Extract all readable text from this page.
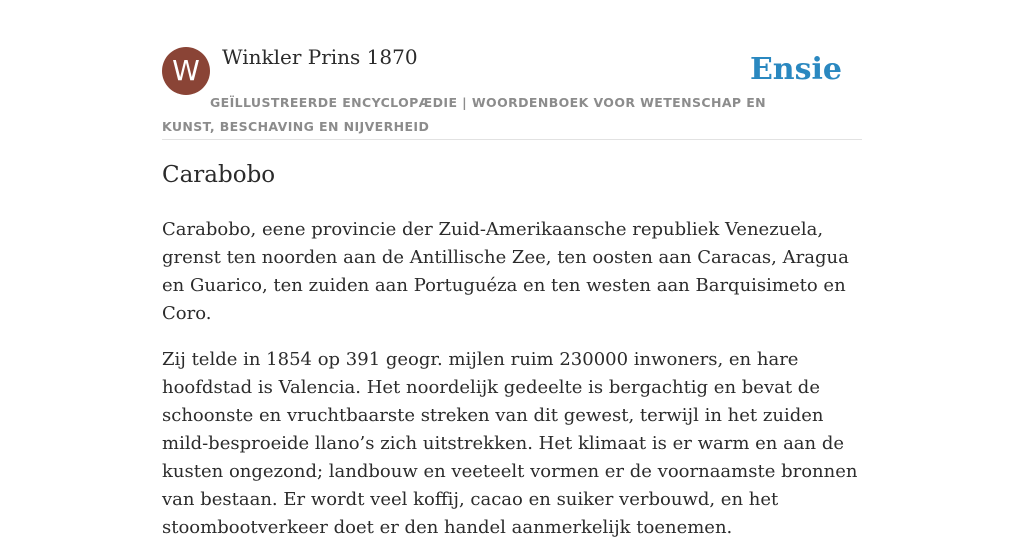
W	Winkler Prins 1870	Ensie
GEÏLLUSTREERDE ENCYCLOPÆDIE | WOORDENBOEK VOOR WETENSCHAP EN KUNST, BESCHAVING EN NIJVERHEID
Carabobo

Carabobo, eene provincie der Zuid-Amerikaansche republiek Venezuela, grenst ten noorden aan de Antillische Zee, ten oosten aan Caracas, Aragua en Guarico, ten zuiden aan Portuguéza en ten westen aan Barquisimeto en Coro.

Zij telde in 1854 op 391 geogr. mijlen ruim 230000 inwoners, en hare hoofdstad is Valencia. Het noordelijk gedeelte is bergachtig en bevat de schoonste en vruchtbaarste streken van dit gewest, terwijl in het zuiden mild-besproeide llano’s zich uitstrekken. Het klimaat is er warm en aan de kusten ongezond; landbouw en veeteelt vormen er de voornaamste bronnen van bestaan. Er wordt veel koffij, cacao en suiker verbouwd, en het stoombootverkeer doet er den handel aanmerkelijk toenemen.
